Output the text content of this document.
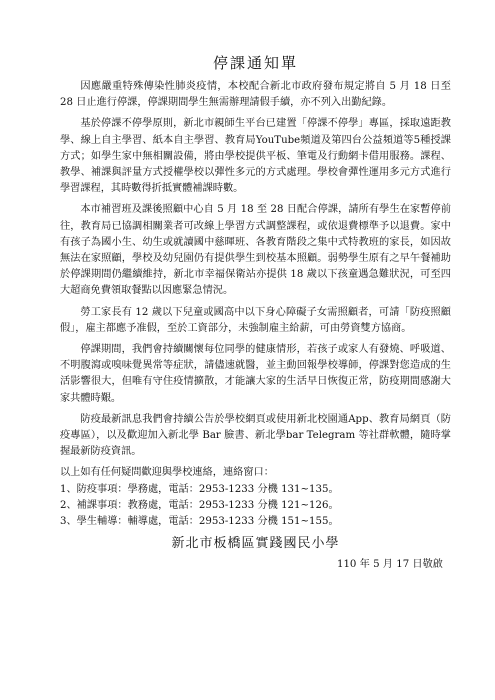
停課通知單

因應嚴重特殊傳染性肺炎疫情，本校配合新北市政府發布規定將自 5 月 18 日至 28 日止進行停課，停課期間學生無需辦理請假手續，亦不列入出勤紀錄。

基於停課不停學原則，新北市親師生平台已建置「停課不停學」專區，採取遠距教學、線上自主學習、紙本自主學習、教育局YouTube頻道及第四台公益頻道等5種授課方式；如學生家中無相關設備，將由學校提供平板、筆電及行動網卡借用服務。課程、教學、補課與評量方式授權學校以彈性多元的方式處理。學校會彈性運用多元方式進行學習課程，其時數得折抵實體補課時數。

本市補習班及課後照顧中心自 5 月 18 至 28 日配合停課，請所有學生在家暫停前往，教育局已協調相關業者可改線上學習方式調整課程，或依退費標準予以退費。家中有孩子為國小生、幼生或就讀國中慈暉班、各教育階段之集中式特教班的家長，如因故無法在家照顧，學校及幼兒園仍有提供學生到校基本照顧。弱勢學生原有之早午餐補助於停課期間仍繼續維持，新北市幸福保衛站亦提供 18 歲以下孩童遇急難狀況，可至四大超商免費領取餐點以因應緊急情況。

勞工家長有 12 歲以下兒童或國高中以下身心障礙子女需照顧者，可請「防疫照顧假」，雇主都應予准假，至於工資部分，未強制雇主給薪，可由勞資雙方協商。

停課期間，我們會持續關懷每位同學的健康情形，若孩子或家人有發燒、呼吸道、不明腹瀉或嗅味覺異常等症狀，請儘速就醫，並主動回報學校導師，停課對您造成的生活影響很大，但唯有守住疫情擴散，才能讓大家的生活早日恢復正常，防疫期間感謝大家共體時艱。

防疫最新訊息我們會持續公告於學校網頁或使用新北校園通App、教育局網頁（防疫專區），以及歡迎加入新北學 Bar 臉書、新北學bar Telegram 等社群軟體，隨時掌握最新防疫資訊。

以上如有任何疑問歡迎與學校連絡，連絡窗口：

1、防疫事項：學務處，電話：2953-1233 分機 131~135。
2、補課事項：教務處，電話：2953-1233 分機 121~126。
3、學生輔導：輔導處，電話：2953-1233 分機 151~155。
新北市板橋區實踐國民小學
110 年 5 月 17 日敬啟
